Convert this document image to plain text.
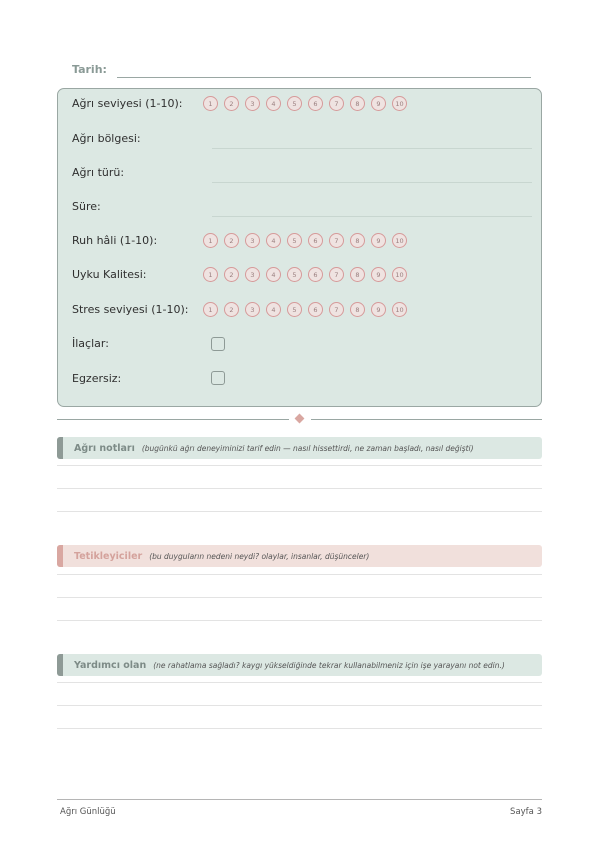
Tarih:
Ağrı seviyesi (1-10):	1	2	3	4	5	6	7	8	9	10
Ağrı bölgesi:
Ağrı türü:
Süre:
Ruh hâli (1-10):	1	2	3	4	5	6	7	8	9	10
Uyku Kalitesi:	1	2	3	4	5	6	7	8	9	10
Stres seviyesi (1-10):	1	2	3	4	5	6	7	8	9	10
İlaçlar:
Egzersiz:
Ağrı notları (bugünkü ağrı deneyiminizi tarif edin — nasıl hissettirdi, ne zaman başladı, nasıl değişti)
Tetikleyiciler (bu duyguların nedeni neydi? olaylar, insanlar, düşünceler)
Yardımcı olan (ne rahatlama sağladı? kaygı yükseldiğinde tekrar kullanabilmeniz için işe yarayanı not edin.)
Ağrı Günlüğü	Sayfa 3
